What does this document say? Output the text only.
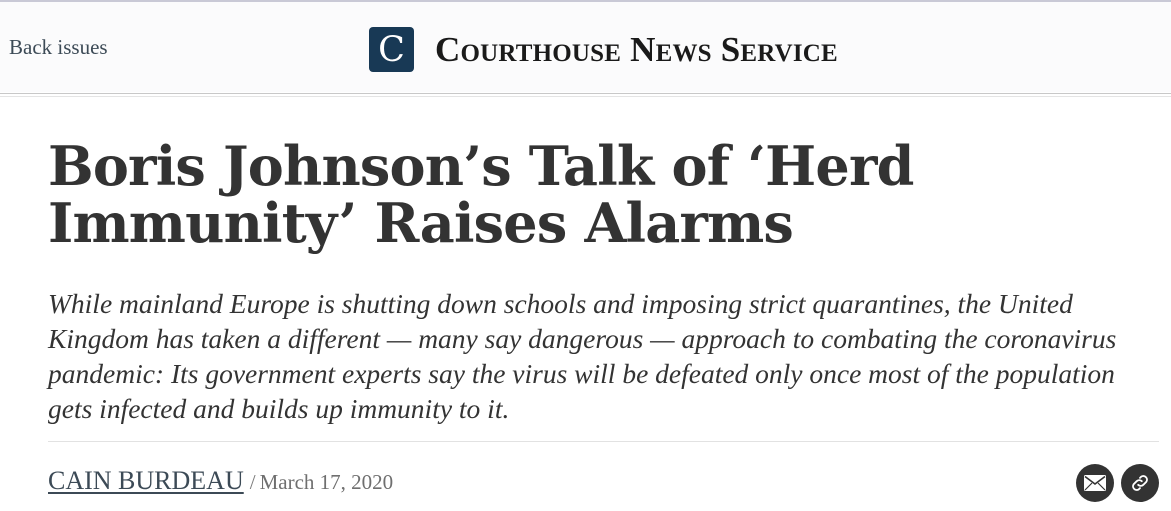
Back issues	C Courthouse News Service
Boris Johnson’s Talk of ‘Herd Immunity’ Raises Alarms

While mainland Europe is shutting down schools and imposing strict quarantines, the United Kingdom has taken a different — many say dangerous — approach to combating the coronavirus pandemic: Its government experts say the virus will be defeated only once most of the population gets infected and builds up immunity to it.

CAIN BURDEAU / March 17, 2020
